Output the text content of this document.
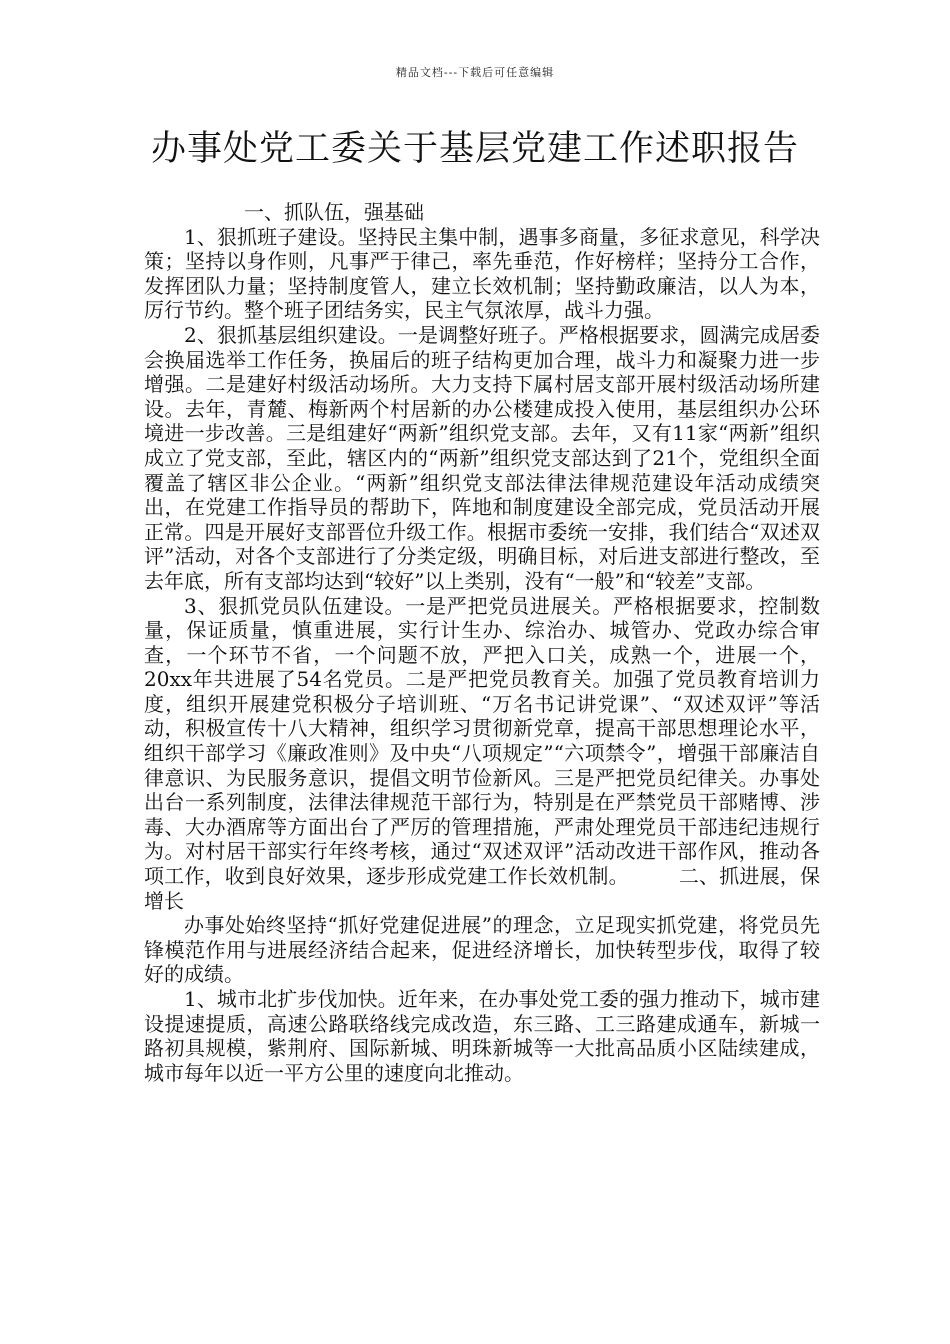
精品文档---下载后可任意编辑
办事处党工委关于基层党建工作述职报告

一、抓队伍，强基础

1、狠抓班子建设。坚持民主集中制，遇事多商量，多征求意见，科学决策；坚持以身作则，凡事严于律己，率先垂范，作好榜样；坚持分工合作，发挥团队力量；坚持制度管人，建立长效机制；坚持勤政廉洁，以人为本，厉行节约。整个班子团结务实，民主气氛浓厚，战斗力强。

2、狠抓基层组织建设。一是调整好班子。严格根据要求，圆满完成居委会换届选举工作任务，换届后的班子结构更加合理，战斗力和凝聚力进一步增强。二是建好村级活动场所。大力支持下属村居支部开展村级活动场所建设。去年，青麓、梅新两个村居新的办公楼建成投入使用，基层组织办公环境进一步改善。三是组建好“两新”组织党支部。去年，又有11家“两新”组织成立了党支部，至此，辖区内的“两新”组织党支部达到了21个，党组织全面覆盖了辖区非公企业。“两新”组织党支部法律法律规范建设年活动成绩突出，在党建工作指导员的帮助下，阵地和制度建设全部完成，党员活动开展正常。四是开展好支部晋位升级工作。根据市委统一安排，我们结合“双述双评”活动，对各个支部进行了分类定级，明确目标，对后进支部进行整改，至去年底，所有支部均达到“较好”以上类别，没有“一般”和“较差”支部。

3、狠抓党员队伍建设。一是严把党员进展关。严格根据要求，控制数量，保证质量，慎重进展，实行计生办、综治办、城管办、党政办综合审查，一个环节不省，一个问题不放，严把入口关，成熟一个，进展一个，20xx年共进展了54名党员。二是严把党员教育关。加强了党员教育培训力度，组织开展建党积极分子培训班、“万名书记讲党课”、“双述双评”等活动，积极宣传十八大精神，组织学习贯彻新党章，提高干部思想理论水平，组织干部学习《廉政准则》及中央“八项规定”“六项禁令”，增强干部廉洁自律意识、为民服务意识，提倡文明节俭新风。三是严把党员纪律关。办事处出台一系列制度，法律法律规范干部行为，特别是在严禁党员干部赌博、涉毒、大办酒席等方面出台了严厉的管理措施，严肃处理党员干部违纪违规行为。对村居干部实行年终考核，通过“双述双评”活动改进干部作风，推动各项工作，收到良好效果，逐步形成党建工作长效机制。	二、抓进展，保增长

办事处始终坚持“抓好党建促进展”的理念，立足现实抓党建，将党员先锋模范作用与进展经济结合起来，促进经济增长，加快转型步伐，取得了较好的成绩。

1、城市北扩步伐加快。近年来，在办事处党工委的强力推动下，城市建设提速提质，高速公路联络线完成改造，东三路、工三路建成通车，新城一路初具规模，紫荆府、国际新城、明珠新城等一大批高品质小区陆续建成，城市每年以近一平方公里的速度向北推动。
